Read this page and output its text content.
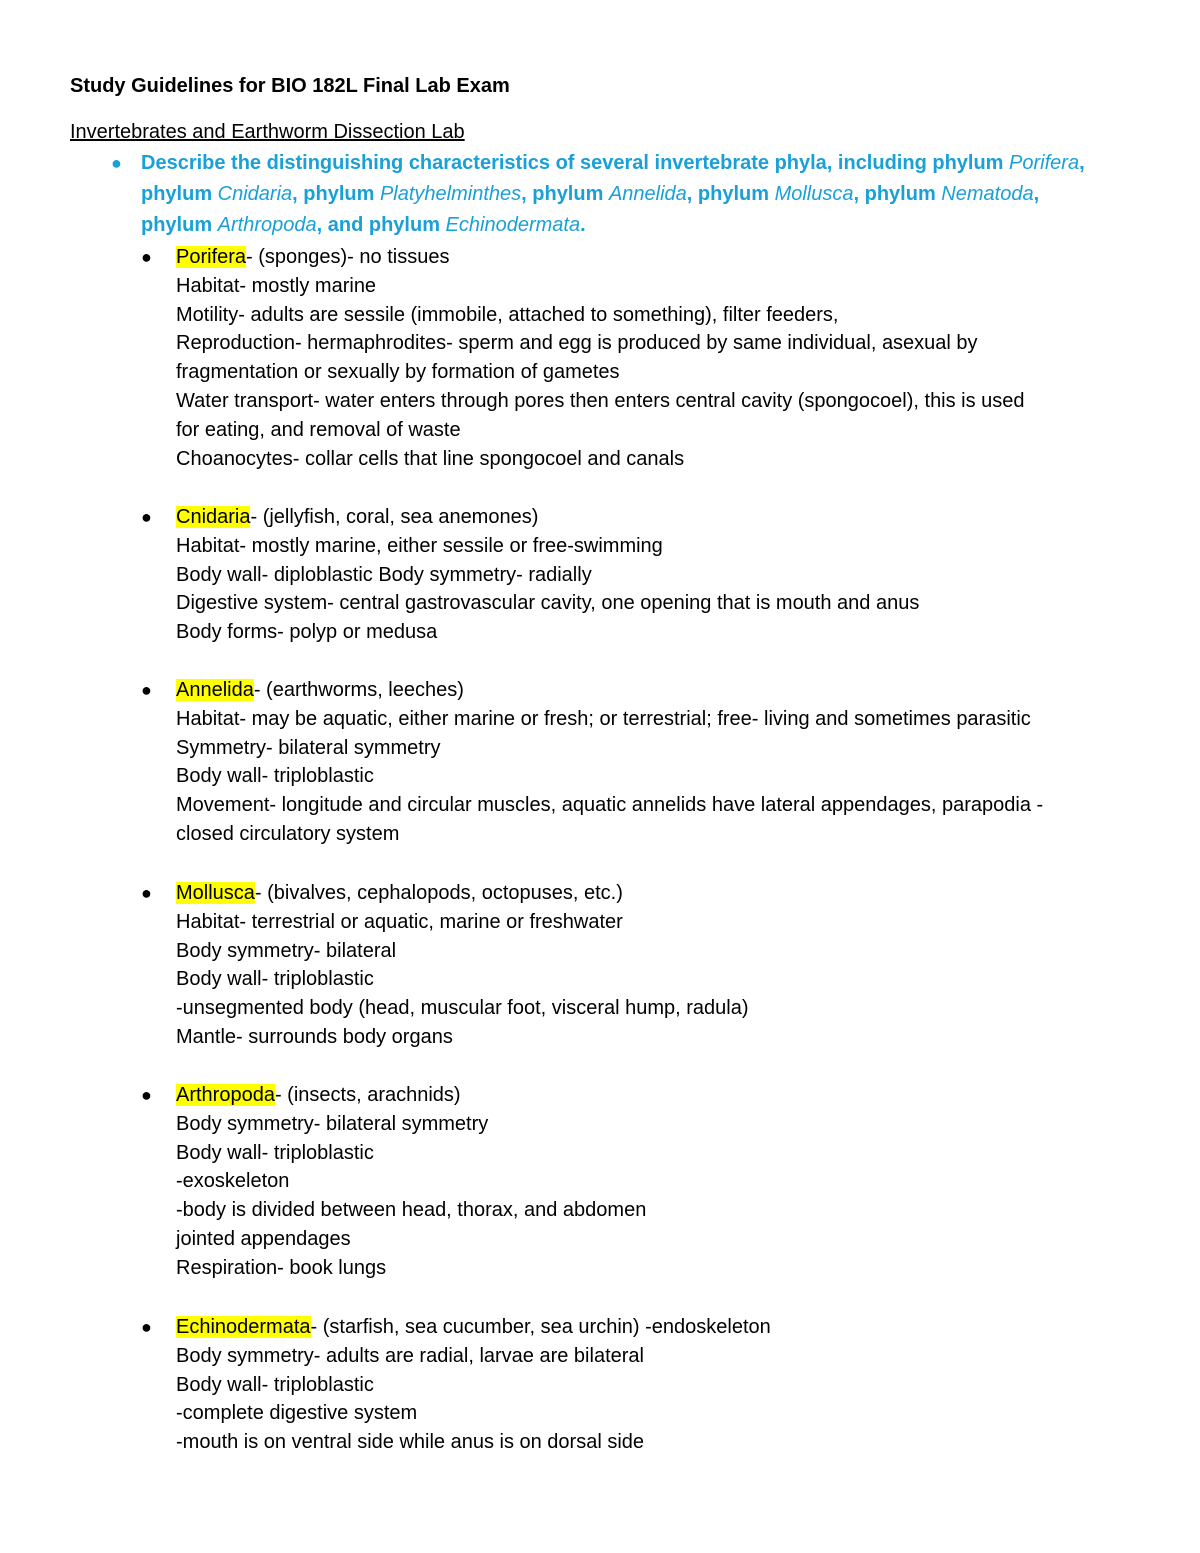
Study Guidelines for BIO 182L Final Lab Exam
Invertebrates and Earthworm Dissection Lab
● Describe the distinguishing characteristics of several invertebrate phyla, including phylum Porifera,
phylum Cnidaria, phylum Platyhelminthes, phylum Annelida, phylum Mollusca, phylum Nematoda,
phylum Arthropoda, and phylum Echinodermata.
● Porifera- (sponges)- no tissues
Habitat- mostly marine
Motility- adults are sessile (immobile, attached to something), filter feeders,
Reproduction- hermaphrodites- sperm and egg is produced by same individual, asexual by
fragmentation or sexually by formation of gametes
Water transport- water enters through pores then enters central cavity (spongocoel), this is used
for eating, and removal of waste
Choanocytes- collar cells that line spongocoel and canals
● Cnidaria- (jellyfish, coral, sea anemones)
Habitat- mostly marine, either sessile or free-swimming
Body wall- diploblastic Body symmetry- radially
Digestive system- central gastrovascular cavity, one opening that is mouth and anus
Body forms- polyp or medusa
● Annelida- (earthworms, leeches)
Habitat- may be aquatic, either marine or fresh; or terrestrial; free- living and sometimes parasitic
Symmetry- bilateral symmetry
Body wall- triploblastic
Movement- longitude and circular muscles, aquatic annelids have lateral appendages, parapodia -
closed circulatory system
● Mollusca- (bivalves, cephalopods, octopuses, etc.)
Habitat- terrestrial or aquatic, marine or freshwater
Body symmetry- bilateral
Body wall- triploblastic
-unsegmented body (head, muscular foot, visceral hump, radula)
Mantle- surrounds body organs
● Arthropoda- (insects, arachnids)
Body symmetry- bilateral symmetry
Body wall- triploblastic
-exoskeleton
-body is divided between head, thorax, and abdomen
jointed appendages
Respiration- book lungs
● Echinodermata- (starfish, sea cucumber, sea urchin) -endoskeleton
Body symmetry- adults are radial, larvae are bilateral
Body wall- triploblastic
-complete digestive system
-mouth is on ventral side while anus is on dorsal side
